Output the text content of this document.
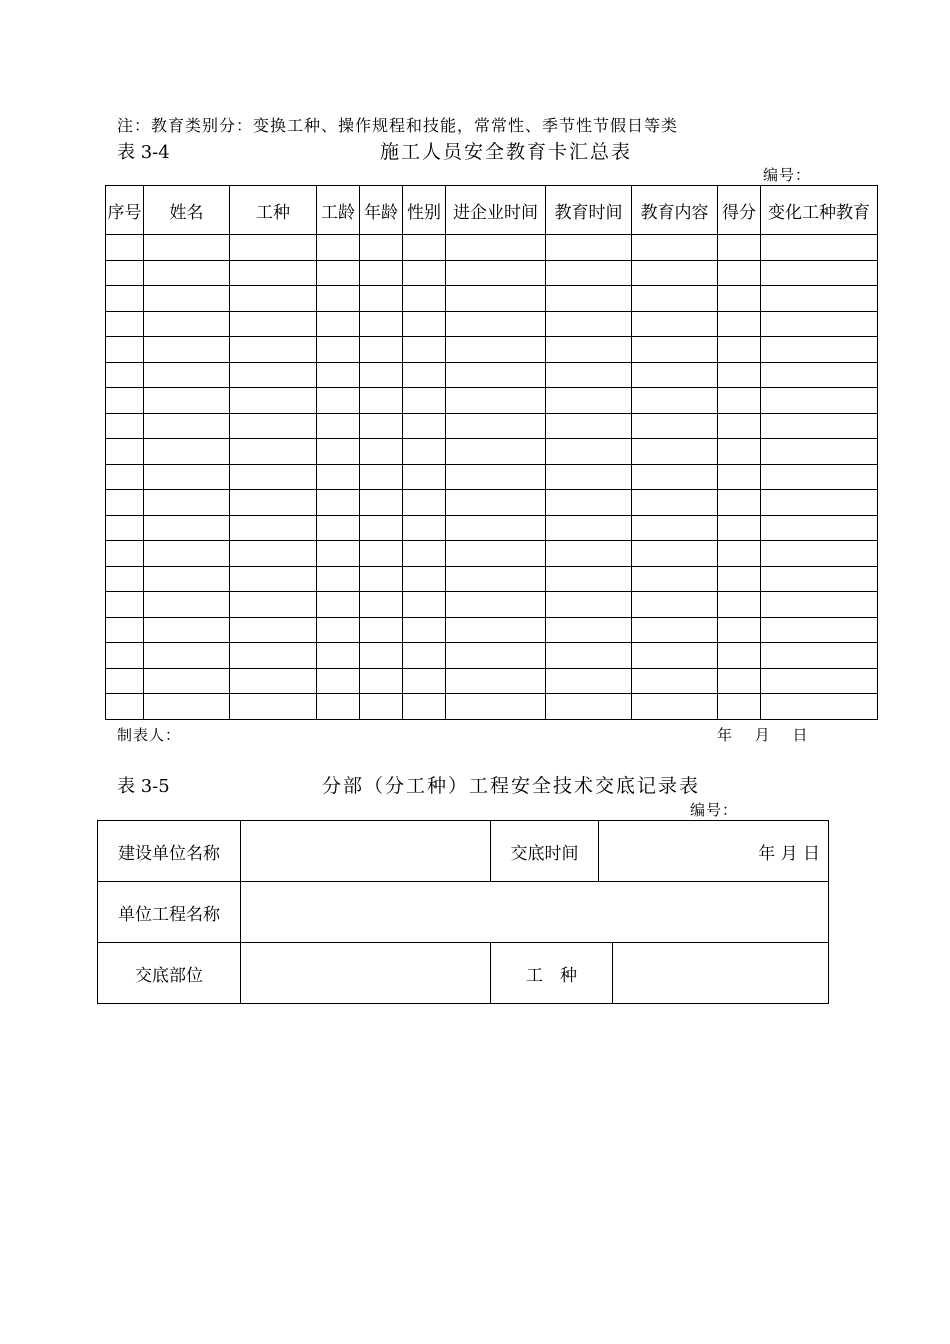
注：教育类别分：变换工种、操作规程和技能，常常性、季节性节假日等类
表 3-4	施工人员安全教育卡汇总表
编号：
序号	姓名	工种	工龄	年龄	性别	进企业时间	教育时间	教育内容	得分	变化工种教育

制表人：	年　 月　 日
表 3-5	分部（分工种）工程安全技术交底记录表
编号：
建设单位名称		交底时间	年 月 日	
单位工程名称				
交底部位		工　种		
